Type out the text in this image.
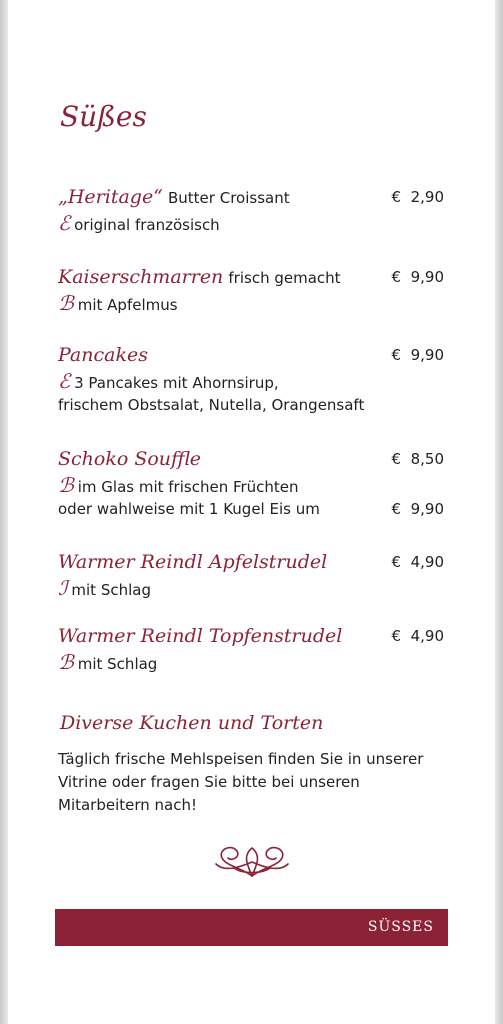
Süßes
„Heritage“ Butter Croissant	€  2,90
ℰ original französisch
Kaiserschmarren frisch gemacht	€  9,90
ℬ mit Apfelmus
Pancakes	€  9,90
ℰ 3 Pancakes mit Ahornsirup,
frischem Obstsalat, Nutella, Orangensaft
Schoko Souffle	€  8,50
ℬ im Glas mit frischen Früchten
oder wahlweise mit 1 Kugel Eis um	€  9,90
Warmer Reindl Apfelstrudel	€  4,90
ℐ mit Schlag
Warmer Reindl Topfenstrudel	€  4,90
ℬ mit Schlag
Diverse Kuchen und Torten

Täglich frische Mehlspeisen finden Sie in unserer Vitrine oder fragen Sie bitte bei unseren Mitarbeitern nach!

SÜSSES
